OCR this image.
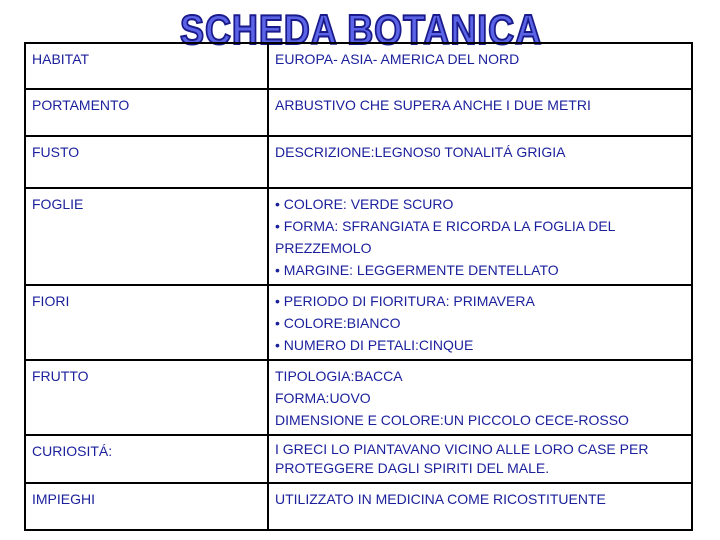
SCHEDA BOTANICA
HABITAT	EUROPA- ASIA- AMERICA DEL NORD

PORTAMENTO	ARBUSTIVO CHE SUPERA ANCHE I DUE METRI

FUSTO	DESCRIZIONE:LEGNOS0 TONALITÁ GRIGIA

FOGLIE	• COLORE: VERDE SCURO
• FORMA: SFRANGIATA E RICORDA LA FOGLIA DEL PREZZEMOLO
• MARGINE: LEGGERMENTE DENTELLATO

FIORI	• PERIODO DI FIORITURA: PRIMAVERA
• COLORE:BIANCO
• NUMERO DI PETALI:CINQUE

FRUTTO	TIPOLOGIA:BACCA
FORMA:UOVO
DIMENSIONE E COLORE:UN PICCOLO CECE-ROSSO

CURIOSITÁ:	I GRECI LO PIANTAVANO VICINO ALLE LORO CASE PER PROTEGGERE DAGLI SPIRITI DEL MALE.

IMPIEGHI	UTILIZZATO IN MEDICINA COME RICOSTITUENTE
